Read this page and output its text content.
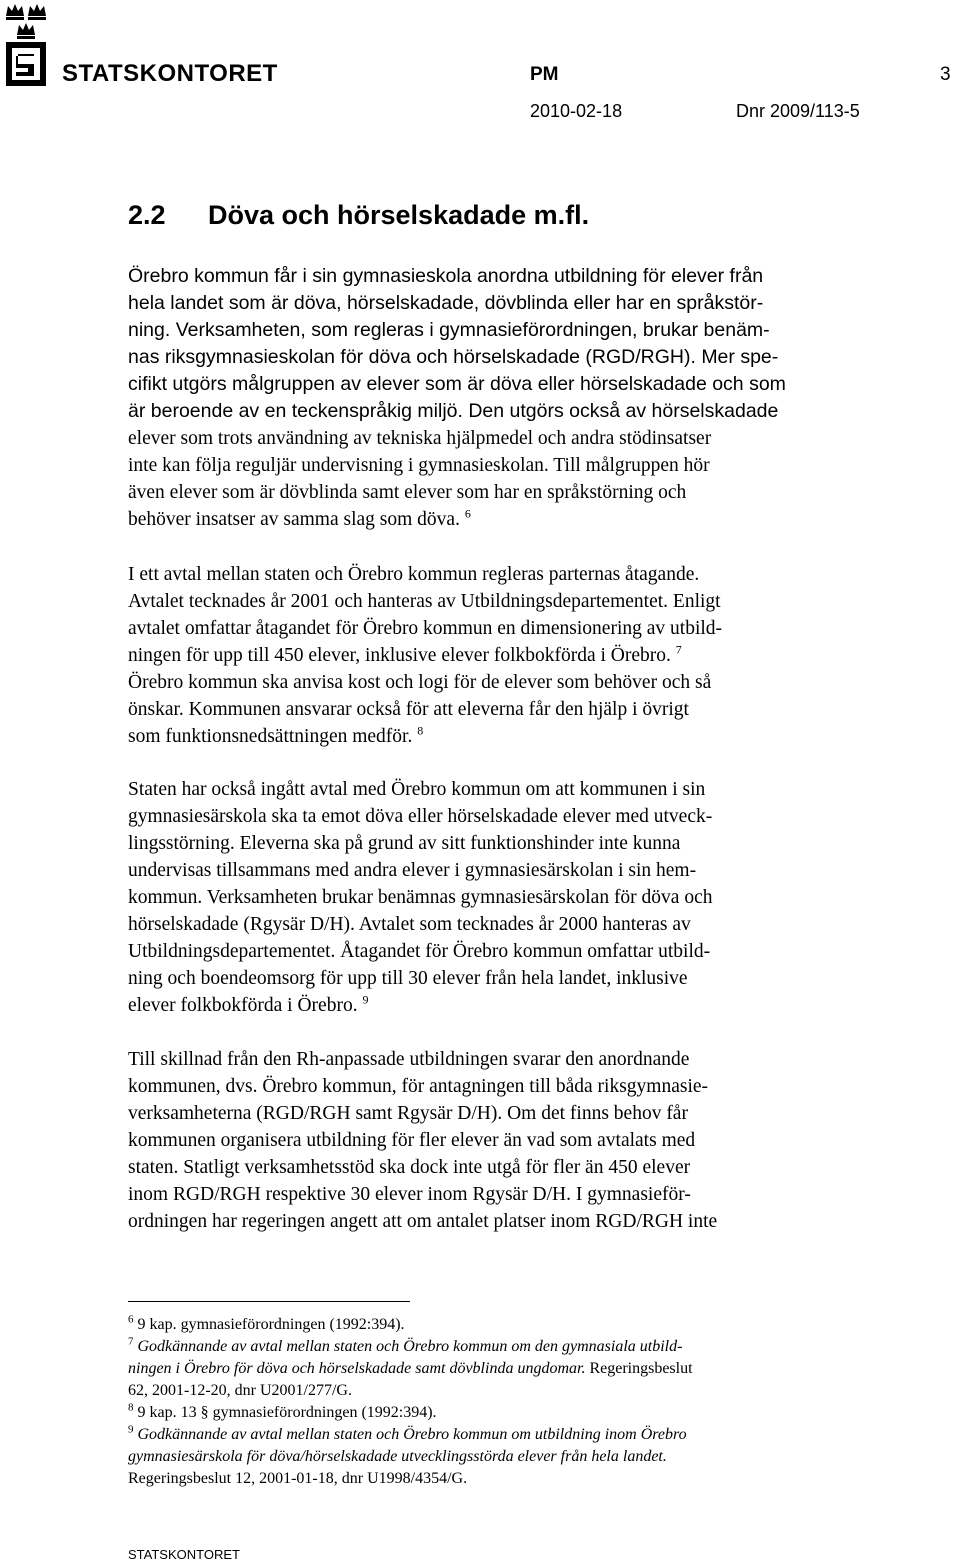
STATSKONTORET	PM	3
2010-02-18	Dnr 2009/113-5
2.2 Döva och hörselskadade m.fl.
Örebro kommun får i sin gymnasieskola anordna utbildning för elever från
hela landet som är döva, hörselskadade, dövblinda eller har en språkstör-
ning. Verksamheten, som regleras i gymnasieförordningen, brukar benäm-
nas riksgymnasieskolan för döva och hörselskadade (RGD/RGH). Mer spe-
cifikt utgörs målgruppen av elever som är döva eller hörselskadade och som
är beroende av en teckenspråkig miljö. Den utgörs också av hörselskadade
elever som trots användning av tekniska hjälpmedel och andra stödinsatser
inte kan följa reguljär undervisning i gymnasieskolan. Till målgruppen hör
även elever som är dövblinda samt elever som har en språkstörning och
behöver insatser av samma slag som döva. $^6$
I ett avtal mellan staten och Örebro kommun regleras parternas åtagande.
Avtalet tecknades år 2001 och hanteras av Utbildningsdepartementet. Enligt
avtalet omfattar åtagandet för Örebro kommun en dimensionering av utbild-
ningen för upp till 450 elever, inklusive elever folkbokförda i Örebro. $^7$
Örebro kommun ska anvisa kost och logi för de elever som behöver och så
önskar. Kommunen ansvarar också för att eleverna får den hjälp i övrigt
som funktionsnedsättningen medför. $^8$
Staten har också ingått avtal med Örebro kommun om att kommunen i sin
gymnasiesärskola ska ta emot döva eller hörselskadade elever med utveck-
lingsstörning. Eleverna ska på grund av sitt funktionshinder inte kunna
undervisas tillsammans med andra elever i gymnasiesärskolan i sin hem-
kommun. Verksamheten brukar benämnas gymnasiesärskolan för döva och
hörselskadade (Rgysär D/H). Avtalet som tecknades år 2000 hanteras av
Utbildningsdepartementet. Åtagandet för Örebro kommun omfattar utbild-
ning och boendeomsorg för upp till 30 elever från hela landet, inklusive
elever folkbokförda i Örebro. $^9$
Till skillnad från den Rh-anpassade utbildningen svarar den anordnande
kommunen, dvs. Örebro kommun, för antagningen till båda riksgymnasie-
verksamheterna (RGD/RGH samt Rgysär D/H). Om det finns behov får
kommunen organisera utbildning för fler elever än vad som avtalats med
staten. Statligt verksamhetsstöd ska dock inte utgå för fler än 450 elever
inom RGD/RGH respektive 30 elever inom Rgysär D/H. I gymnasieför-
ordningen har regeringen angett att om antalet platser inom RGD/RGH inte
$^6$ 9 kap. gymnasieförordningen (1992:394).
$^7$ Godkännande av avtal mellan staten och Örebro kommun om den gymnasiala utbild-
ningen i Örebro för döva och hörselskadade samt dövblinda ungdomar. Regeringsbeslut
62, 2001-12-20, dnr U2001/277/G.
$^8$ 9 kap. 13 § gymnasieförordningen (1992:394).
$^9$ Godkännande av avtal mellan staten och Örebro kommun om utbildning inom Örebro
gymnasiesärskola för döva/hörselskadade utvecklingsstörda elever från hela landet.
Regeringsbeslut 12, 2001-01-18, dnr U1998/4354/G.
STATSKONTORET
